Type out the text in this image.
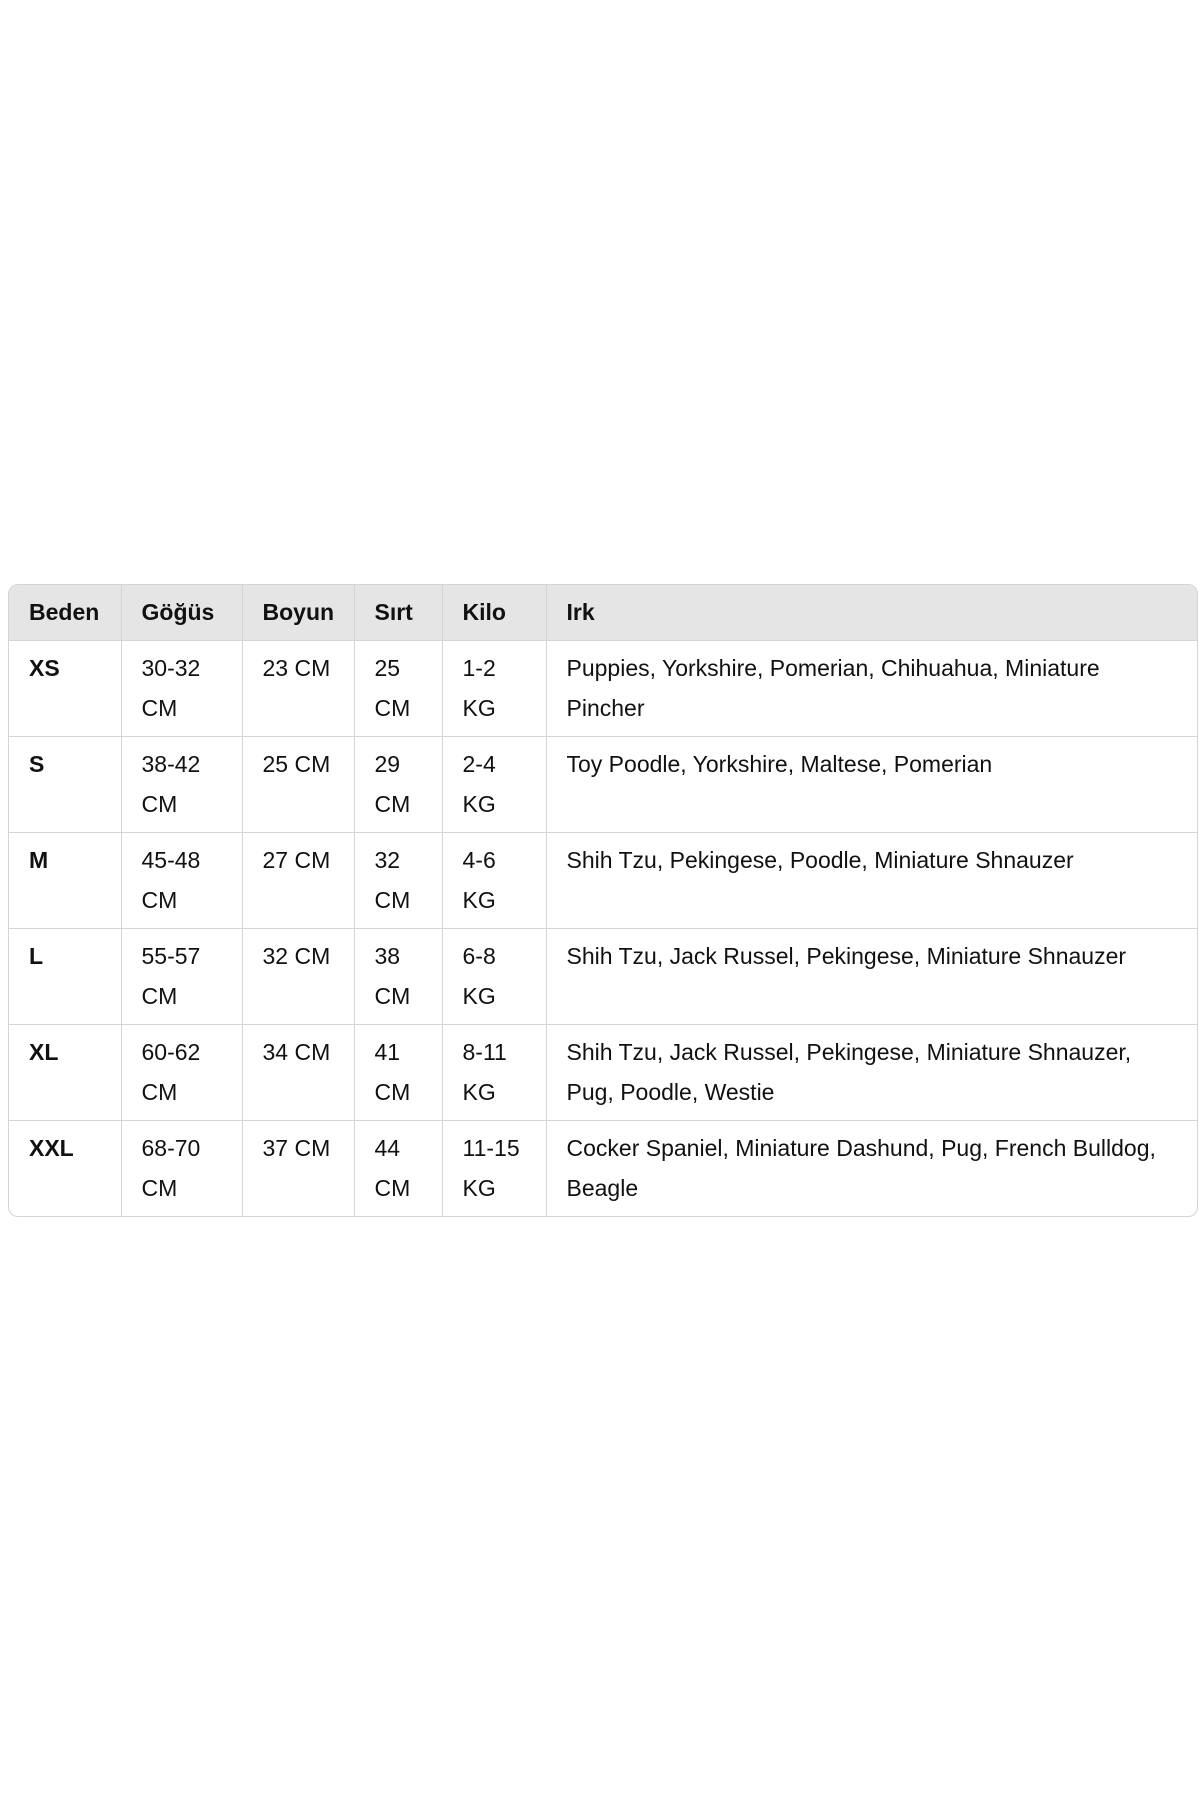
Beden	Göğüs	Boyun	Sırt	Kilo	Irk
XS	30-32 CM	23 CM	25 CM	1-2 KG	Puppies, Yorkshire, Pomerian, Chihuahua, Miniature Pincher
S	38-42 CM	25 CM	29 CM	2-4 KG	Toy Poodle, Yorkshire, Maltese, Pomerian
M	45-48 CM	27 CM	32 CM	4-6 KG	Shih Tzu, Pekingese, Poodle, Miniature Shnauzer
L	55-57 CM	32 CM	38 CM	6-8 KG	Shih Tzu, Jack Russel, Pekingese, Miniature Shnauzer
XL	60-62 CM	34 CM	41 CM	8-11 KG	Shih Tzu, Jack Russel, Pekingese, Miniature Shnauzer, Pug, Poodle, Westie
XXL	68-70 CM	37 CM	44 CM	11-15 KG	Cocker Spaniel, Miniature Dashund, Pug, French Bulldog, Beagle
